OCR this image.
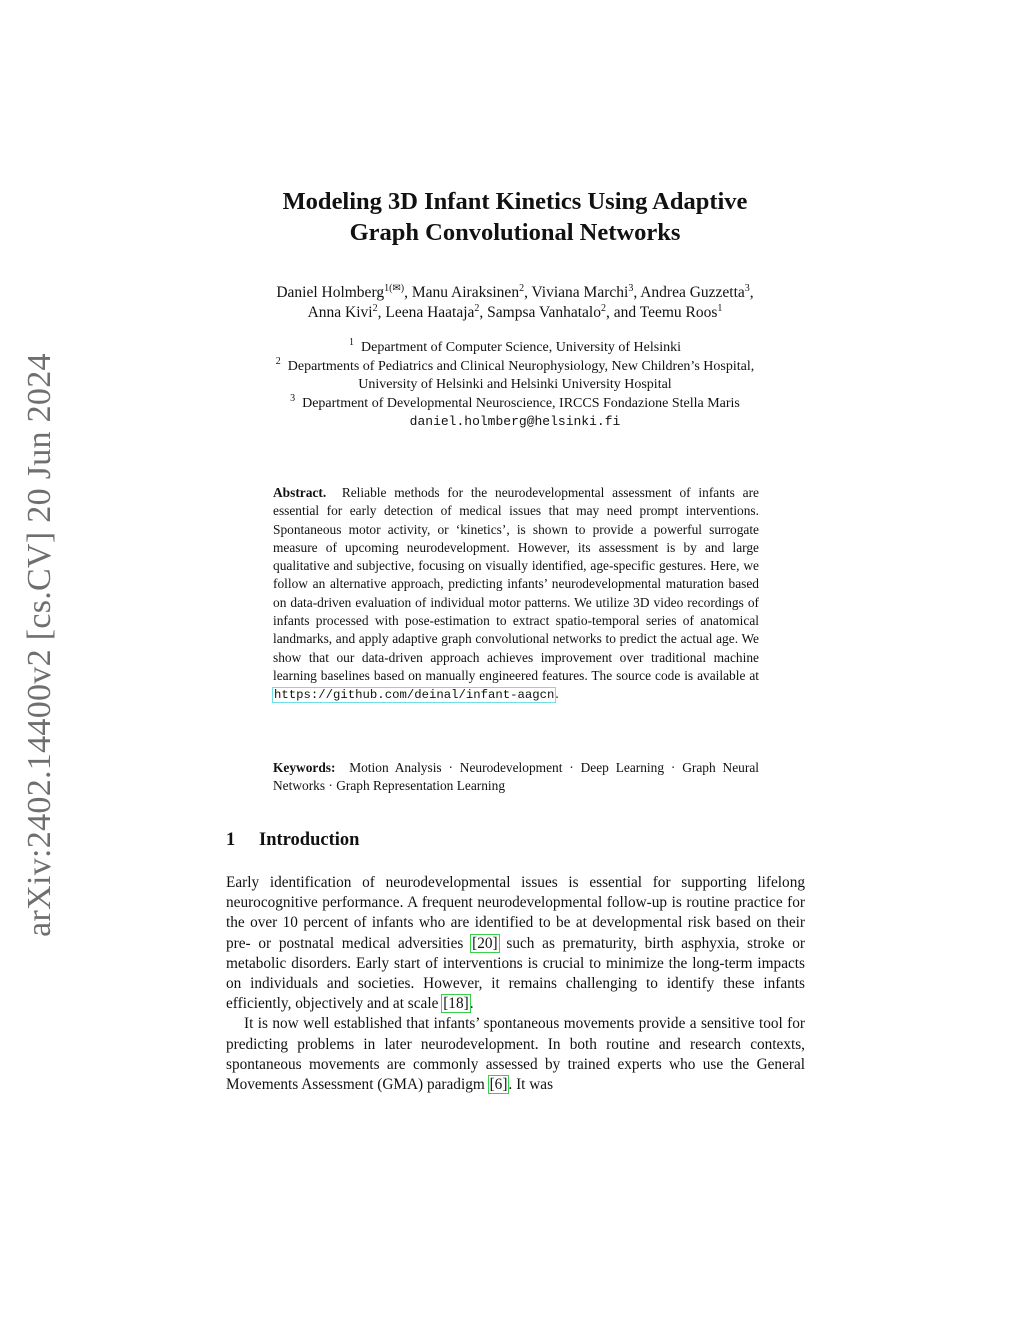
arXiv:2402.14400v2 [cs.CV] 20 Jun 2024
Modeling 3D Infant Kinetics Using Adaptive
Graph Convolutional Networks
Daniel Holmberg$^{1(✉)}$, Manu Airaksinen$^2$, Viviana Marchi$^3$, Andrea Guzzetta$^3$,
Anna Kivi$^2$, Leena Haataja$^2$, Sampsa Vanhatalo$^2$, and Teemu Roos$^1$
$^1$ Department of Computer Science, University of Helsinki
$^2$ Departments of Pediatrics and Clinical Neurophysiology, New Children’s Hospital,
University of Helsinki and Helsinki University Hospital
$^3$ Department of Developmental Neuroscience, IRCCS Fondazione Stella Maris
daniel.holmberg@helsinki.fi
Abstract. Reliable methods for the neurodevelopmental assessment of infants are essential for early detection of medical issues that may need prompt interventions. Spontaneous motor activity, or ‘kinetics’, is shown to provide a powerful surrogate measure of upcoming neurodevelopment. However, its assessment is by and large qualitative and subjective, focusing on visually identified, age-specific gestures. Here, we follow an alternative approach, predicting infants’ neurodevelopmental maturation based on data-driven evaluation of individual motor patterns. We utilize 3D video recordings of infants processed with pose-estimation to extract spatio-temporal series of anatomical landmarks, and apply adaptive graph convolutional networks to predict the actual age. We show that our data-driven approach achieves improvement over traditional machine learning baselines based on manually engineered features. The source code is available at https://github.com/deinal/infant-aagcn.
Keywords: Motion Analysis · Neurodevelopment · Deep Learning · Graph Neural Networks · Graph Representation Learning
1 Introduction

Early identification of neurodevelopmental issues is essential for supporting lifelong neurocognitive performance. A frequent neurodevelopmental follow-up is routine practice for the over 10 percent of infants who are identified to be at developmental risk based on their pre- or postnatal medical adversities [20] such as prematurity, birth asphyxia, stroke or metabolic disorders. Early start of interventions is crucial to minimize the long-term impacts on individuals and societies. However, it remains challenging to identify these infants efficiently, objectively and at scale [18].

It is now well established that infants’ spontaneous movements provide a sensitive tool for predicting problems in later neurodevelopment. In both routine and research contexts, spontaneous movements are commonly assessed by trained experts who use the General Movements Assessment (GMA) paradigm [6]. It was
